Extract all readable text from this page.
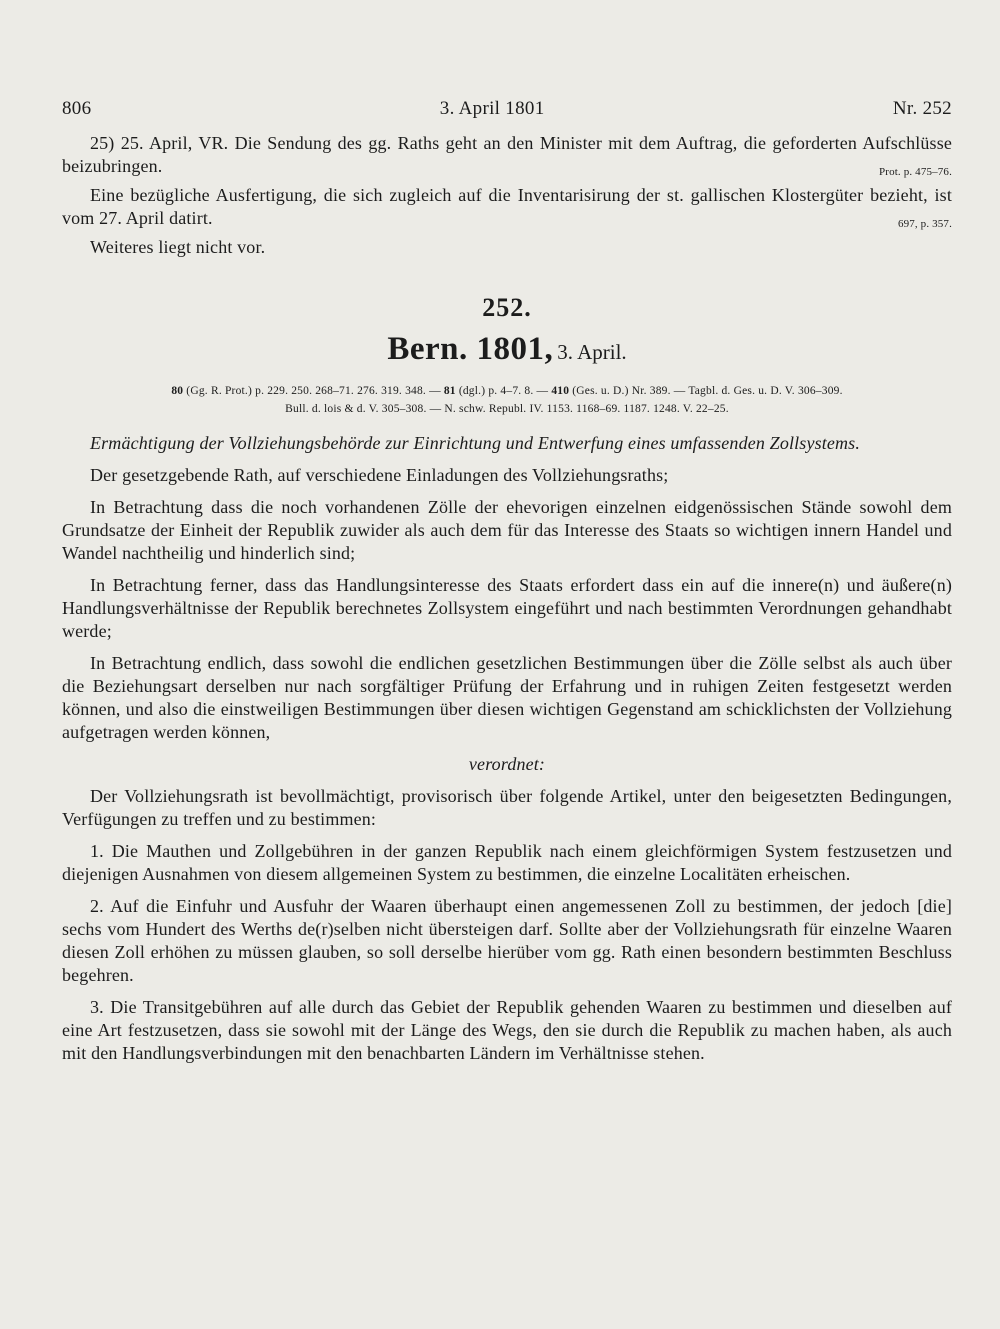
806	3. April 1801	Nr. 252

25) 25. April, VR. Die Sendung des gg. Raths geht an den Minister mit dem Auftrag, die geforderten Aufschlüsse beizubringen.	Prot. p. 475–76.

Eine bezügliche Ausfertigung, die sich zugleich auf die Inventarisirung der st. gallischen Klostergüter bezieht, ist vom 27. April datirt.	697, p. 357.

Weiteres liegt nicht vor.

252.
Bern. 1801, 3. April.
80 (Gg. R. Prot.) p. 229. 250. 268–71. 276. 319. 348. — 81 (dgl.) p. 4–7. 8. — 410 (Ges. u. D.) Nr. 389. — Tagbl. d. Ges. u. D. V. 306–309.
Bull. d. lois & d. V. 305–308. — N. schw. Republ. IV. 1153. 1168–69. 1187. 1248. V. 22–25.

Ermächtigung der Vollziehungsbehörde zur Einrichtung und Entwerfung eines umfassenden Zollsystems.

Der gesetzgebende Rath, auf verschiedene Einladungen des Vollziehungsraths;

In Betrachtung dass die noch vorhandenen Zölle der ehevorigen einzelnen eidgenössischen Stände sowohl dem Grundsatze der Einheit der Republik zuwider als auch dem für das Interesse des Staats so wichtigen innern Handel und Wandel nachtheilig und hinderlich sind;

In Betrachtung ferner, dass das Handlungsinteresse des Staats erfordert dass ein auf die innere(n) und äußere(n) Handlungsverhältnisse der Republik berechnetes Zollsystem eingeführt und nach bestimmten Verordnungen gehandhabt werde;

In Betrachtung endlich, dass sowohl die endlichen gesetzlichen Bestimmungen über die Zölle selbst als auch über die Beziehungsart derselben nur nach sorgfältiger Prüfung der Erfahrung und in ruhigen Zeiten festgesetzt werden können, und also die einstweiligen Bestimmungen über diesen wichtigen Gegenstand am schicklichsten der Vollziehung aufgetragen werden können,

verordnet:

Der Vollziehungsrath ist bevollmächtigt, provisorisch über folgende Artikel, unter den beigesetzten Bedingungen, Verfügungen zu treffen und zu bestimmen:

1. Die Mauthen und Zollgebühren in der ganzen Republik nach einem gleichförmigen System festzusetzen und diejenigen Ausnahmen von diesem allgemeinen System zu bestimmen, die einzelne Localitäten erheischen.

2. Auf die Einfuhr und Ausfuhr der Waaren überhaupt einen angemessenen Zoll zu bestimmen, der jedoch [die] sechs vom Hundert des Werths de(r)selben nicht übersteigen darf. Sollte aber der Vollziehungsrath für einzelne Waaren diesen Zoll erhöhen zu müssen glauben, so soll derselbe hierüber vom gg. Rath einen besondern bestimmten Beschluss begehren.

3. Die Transitgebühren auf alle durch das Gebiet der Republik gehenden Waaren zu bestimmen und dieselben auf eine Art festzusetzen, dass sie sowohl mit der Länge des Wegs, den sie durch die Republik zu machen haben, als auch mit den Handlungsverbindungen mit den benachbarten Ländern im Verhältnisse stehen.
